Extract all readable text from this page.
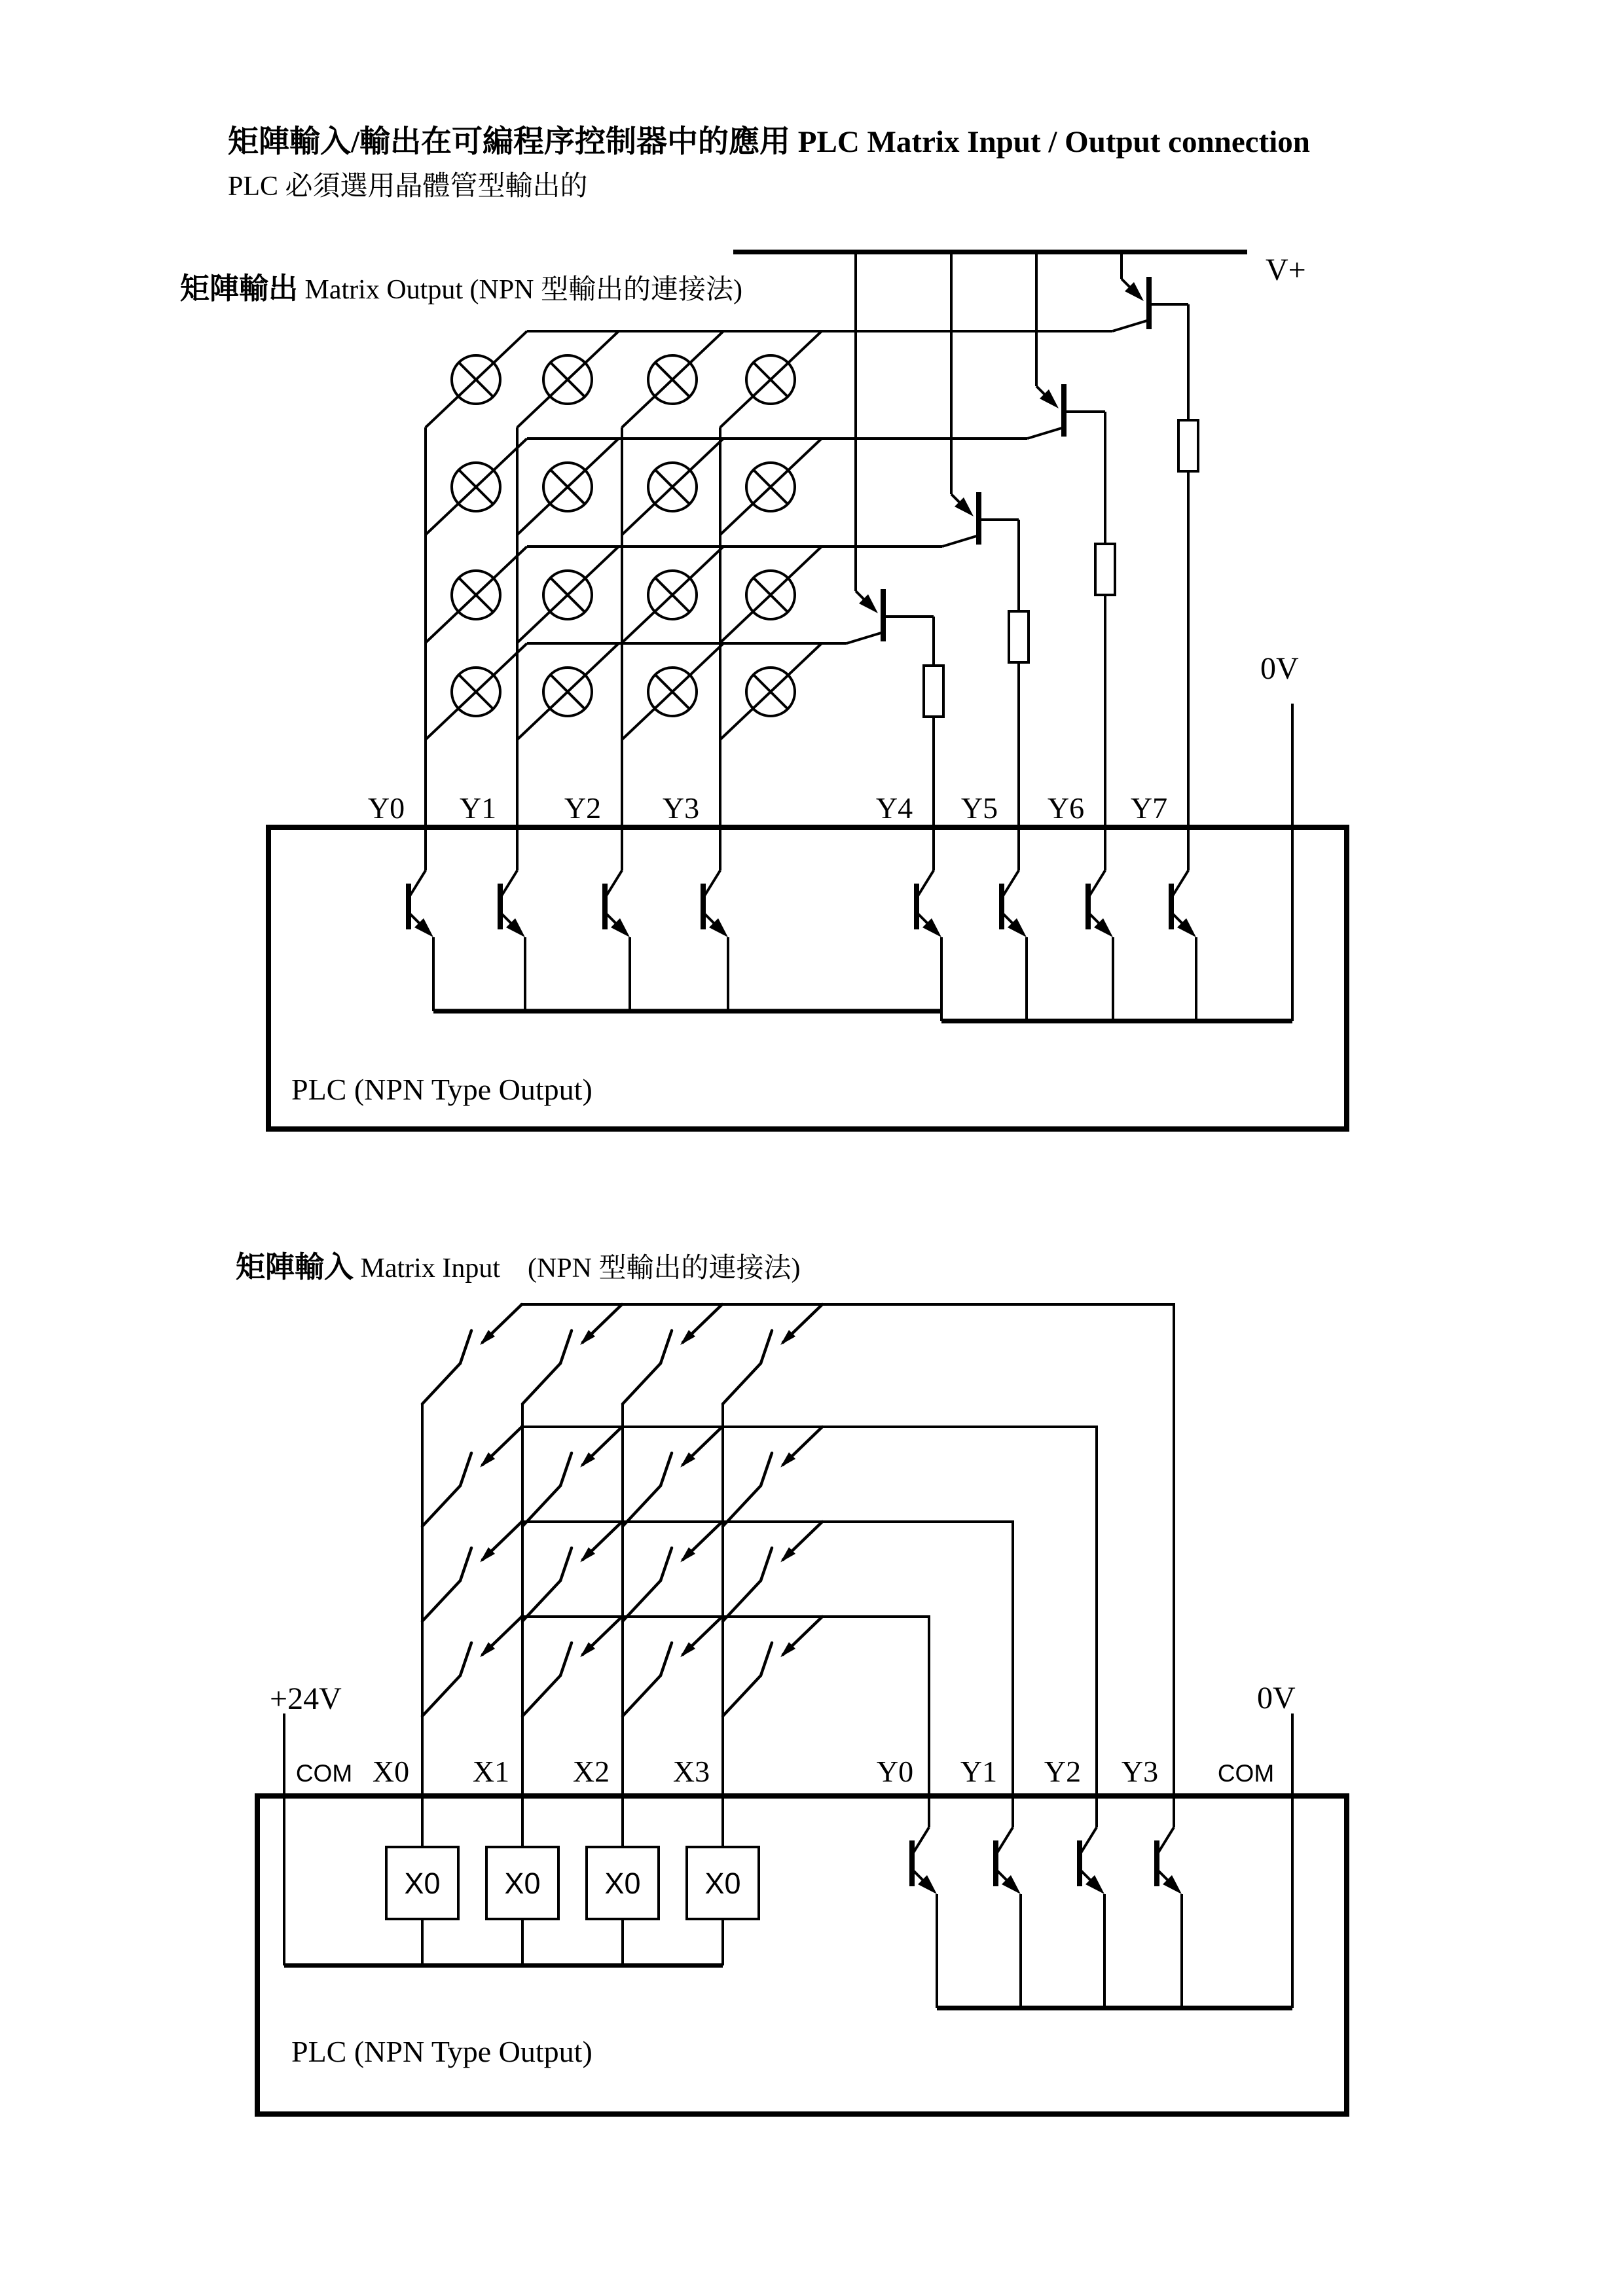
矩陣輸入/輸出在可編程序控制器中的應用 PLC Matrix Input / Output connection
PLC 必須選用晶體管型輸出的
矩陣輸出 Matrix Output (NPN 型輸出的連接法)
V+
0V
Y0 Y1 Y2 Y3	Y4 Y5 Y6 Y7
PLC (NPN Type Output)
矩陣輸入 Matrix Input　(NPN 型輸出的連接法)
+24V	0V
COM X0 X1 X2 X3	Y0 Y1 Y2 Y3 COM
X0 X0 X0 X0
PLC (NPN Type Output)
